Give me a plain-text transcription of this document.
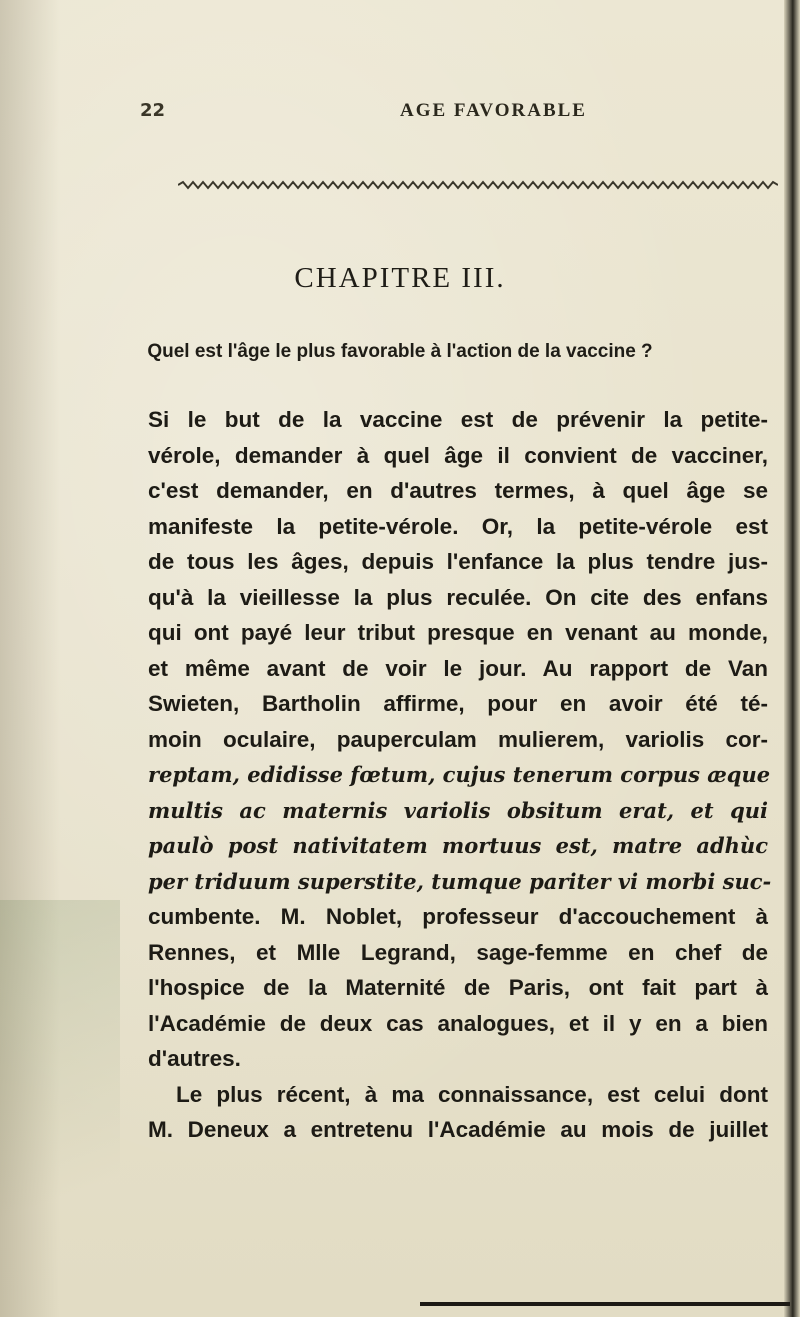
22	AGE FAVORABLE
CHAPITRE III.
Quel est l'âge le plus favorable à l'action de la vaccine ?
Si le but de la vaccine est de prévenir la petite-
vérole, demander à quel âge il convient de vacciner,
c'est demander, en d'autres termes, à quel âge se
manifeste la petite-vérole. Or, la petite-vérole est
de tous les âges, depuis l'enfance la plus tendre jus-
qu'à la vieillesse la plus reculée. On cite des enfans
qui ont payé leur tribut presque en venant au monde,
et même avant de voir le jour. Au rapport de Van
Swieten, Bartholin affirme, pour en avoir été té-
moin oculaire, pauperculam mulierem, variolis cor-
reptam, edidisse fœtum, cujus tenerum corpus æque
multis ac maternis variolis obsitum erat, et qui
paulò post nativitatem mortuus est, matre adhùc
per triduum superstite, tumque pariter vi morbi suc-
cumbente. M. Noblet, professeur d'accouchement à
Rennes, et Mlle Legrand, sage-femme en chef de
l'hospice de la Maternité de Paris, ont fait part à
l'Académie de deux cas analogues, et il y en a bien
d'autres.
Le plus récent, à ma connaissance, est celui dont
M. Deneux a entretenu l'Académie au mois de juillet
